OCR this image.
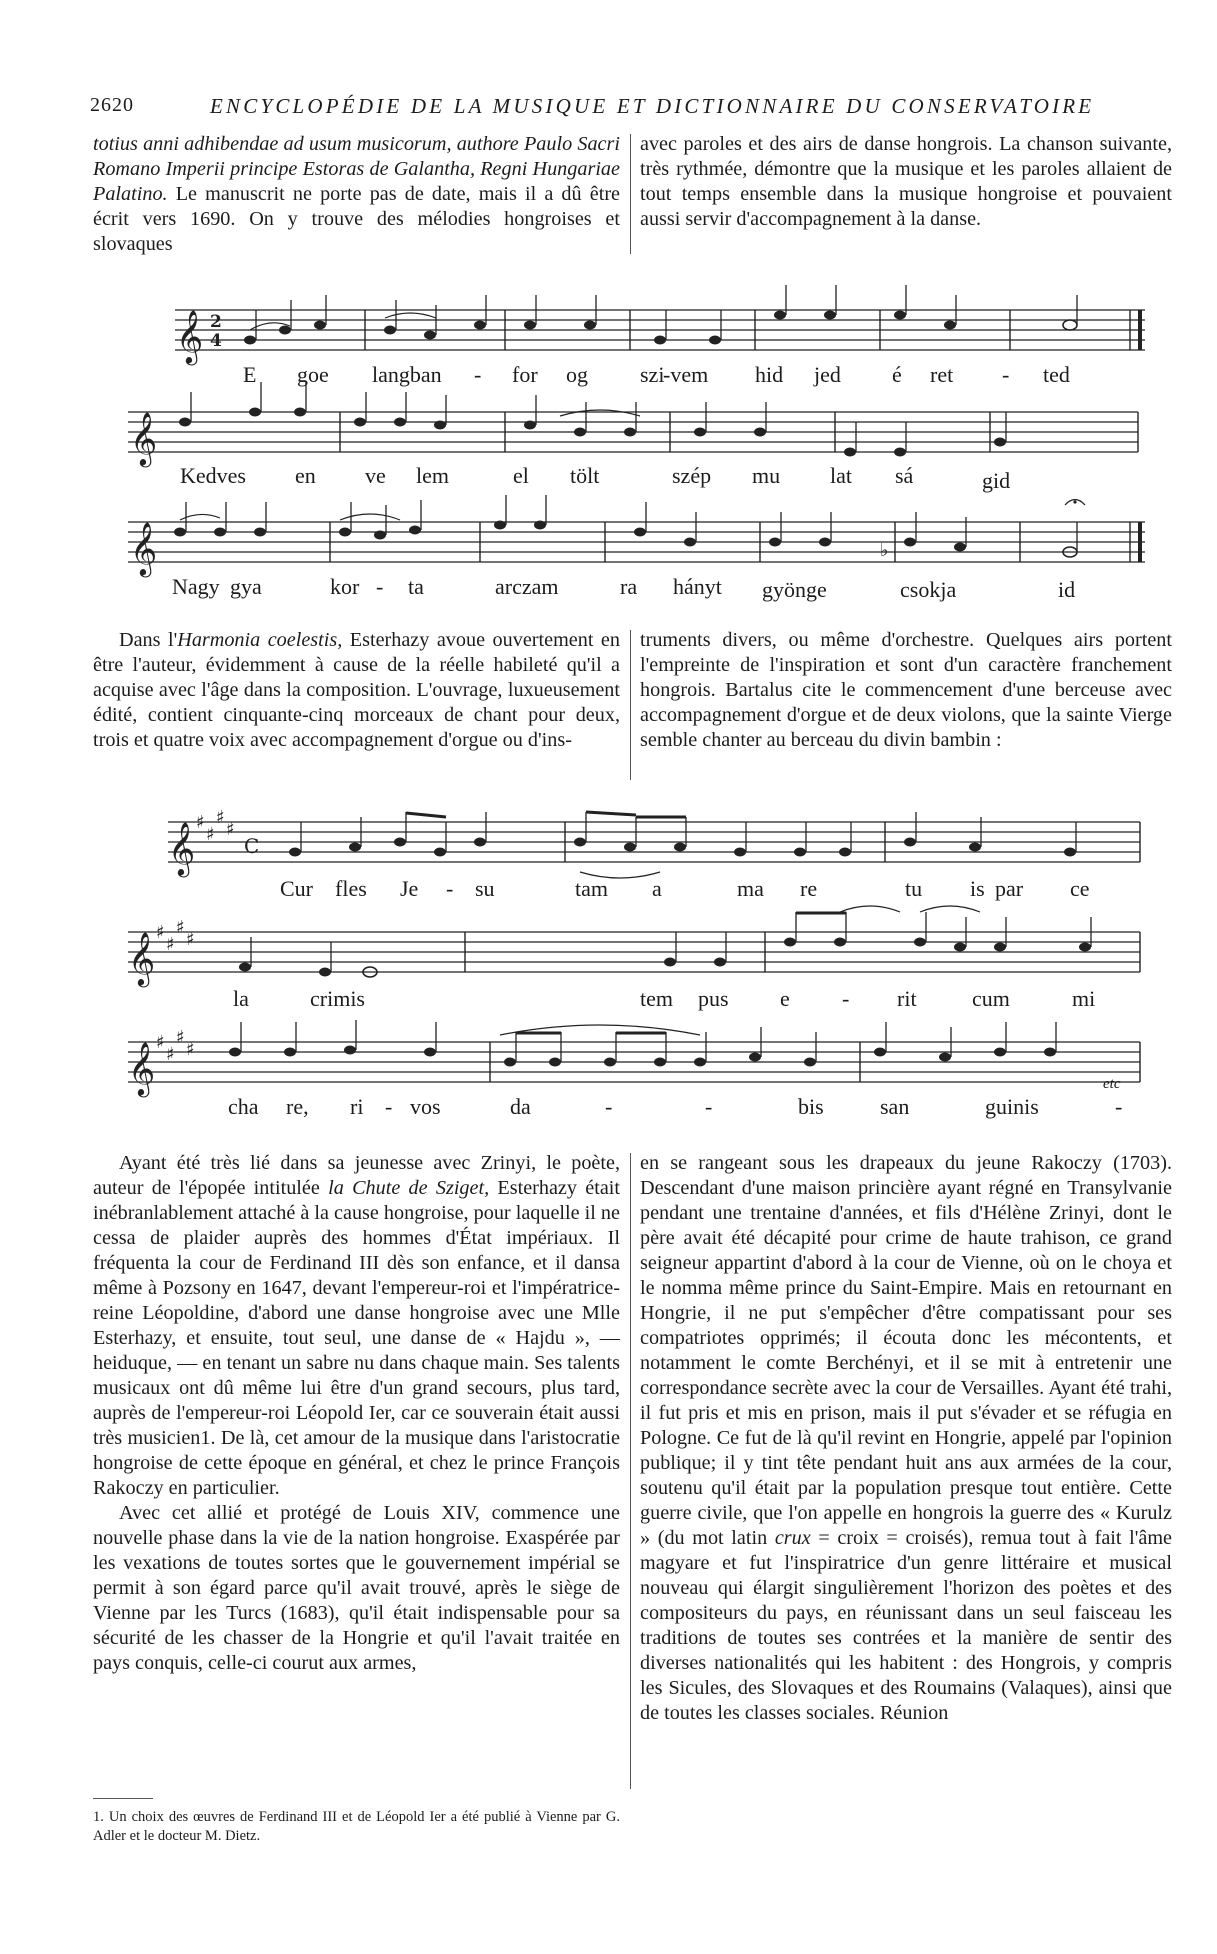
2620	ENCYCLOPÉDIE DE LA MUSIQUE ET DICTIONNAIRE DU CONSERVATOIRE

totius anni adhibendae ad usum musicorum, authore Paulo Sacri Romano Imperii principe Estoras de Galantha, Regni Hungariae Palatino. Le manuscrit ne porte pas de date, mais il a dû être écrit vers 1690. On y trouve des mélodies hongroises et slovaques

avec paroles et des airs de danse hongrois. La chanson suivante, très rythmée, démontre que la musique et les paroles allaient de tout temps ensemble dans la musique hongroise et pouvaient aussi servir d'accompagnement à la danse.

𝄞
𝄞
𝄞
2
4
♭
E goe langban - for og szi
-vem hid jed é ret - ted
Kedves en ve lem	el tölt	szép mu lat sá	gid
Nagy gya	kor - ta	arczam	ra hányt gyönge	csokja	id

Dans l'Harmonia coelestis, Esterhazy avoue ouvertement en être l'auteur, évidemment à cause de la réelle habileté qu'il a acquise avec l'âge dans la composition. L'ouvrage, luxueusement édité, contient cinquante-cinq morceaux de chant pour deux, trois et quatre voix avec accompagnement d'orgue ou d'ins-

truments divers, ou même d'orchestre. Quelques airs portent l'empreinte de l'inspiration et sont d'un caractère franchement hongrois. Bartalus cite le commencement d'une berceuse avec accompagnement d'orgue et de deux violons, que la sainte Vierge semble chanter au berceau du divin bambin :

𝄞
𝄞
𝄞
♯
♯
♯
♯
♯
♯
♯
♯
♯
♯
♯
♯
C
Cur fles Je - su	tam a	ma re	tu is par ce
la	crimis	tem pus e - rit	cum	mi
cha re, ri - vos	da	-	-	bis	san	guinis	-
etc

Ayant été très lié dans sa jeunesse avec Zrinyi, le poète, auteur de l'épopée intitulée la Chute de Sziget, Esterhazy était inébranlablement attaché à la cause hongroise, pour laquelle il ne cessa de plaider auprès des hommes d'État impériaux. Il fréquenta la cour de Ferdinand III dès son enfance, et il dansa même à Pozsony en 1647, devant l'empereur-roi et l'impératrice-reine Léopoldine, d'abord une danse hongroise avec une Mlle Esterhazy, et ensuite, tout seul, une danse de « Hajdu », — heiduque, — en tenant un sabre nu dans chaque main. Ses talents musicaux ont dû même lui être d'un grand secours, plus tard, auprès de l'empereur-roi Léopold Ier, car ce souverain était aussi très musicien1. De là, cet amour de la musique dans l'aristocratie hongroise de cette époque en général, et chez le prince François Rakoczy en particulier.

Avec cet allié et protégé de Louis XIV, commence une nouvelle phase dans la vie de la nation hongroise. Exaspérée par les vexations de toutes sortes que le gouvernement impérial se permit à son égard parce qu'il avait trouvé, après le siège de Vienne par les Turcs (1683), qu'il était indispensable pour sa sécurité de les chasser de la Hongrie et qu'il l'avait traitée en pays conquis, celle-ci courut aux armes,

en se rangeant sous les drapeaux du jeune Rakoczy (1703). Descendant d'une maison princière ayant régné en Transylvanie pendant une trentaine d'années, et fils d'Hélène Zrinyi, dont le père avait été décapité pour crime de haute trahison, ce grand seigneur appartint d'abord à la cour de Vienne, où on le choya et le nomma même prince du Saint-Empire. Mais en retournant en Hongrie, il ne put s'empêcher d'être compatissant pour ses compatriotes opprimés; il écouta donc les mécontents, et notamment le comte Berchényi, et il se mit à entretenir une correspondance secrète avec la cour de Versailles. Ayant été trahi, il fut pris et mis en prison, mais il put s'évader et se réfugia en Pologne. Ce fut de là qu'il revint en Hongrie, appelé par l'opinion publique; il y tint tête pendant huit ans aux armées de la cour, soutenu qu'il était par la population presque tout entière. Cette guerre civile, que l'on appelle en hongrois la guerre des « Kurulz » (du mot latin crux = croix = croisés), remua tout à fait l'âme magyare et fut l'inspiratrice d'un genre littéraire et musical nouveau qui élargit singulièrement l'horizon des poètes et des compositeurs du pays, en réunissant dans un seul faisceau les traditions de toutes ses contrées et la manière de sentir des diverses nationalités qui les habitent : des Hongrois, y compris les Sicules, des Slovaques et des Roumains (Valaques), ainsi que de toutes les classes sociales. Réunion

1. Un choix des œuvres de Ferdinand III et de Léopold Ier a été publié à Vienne par G. Adler et le docteur M. Dietz.
